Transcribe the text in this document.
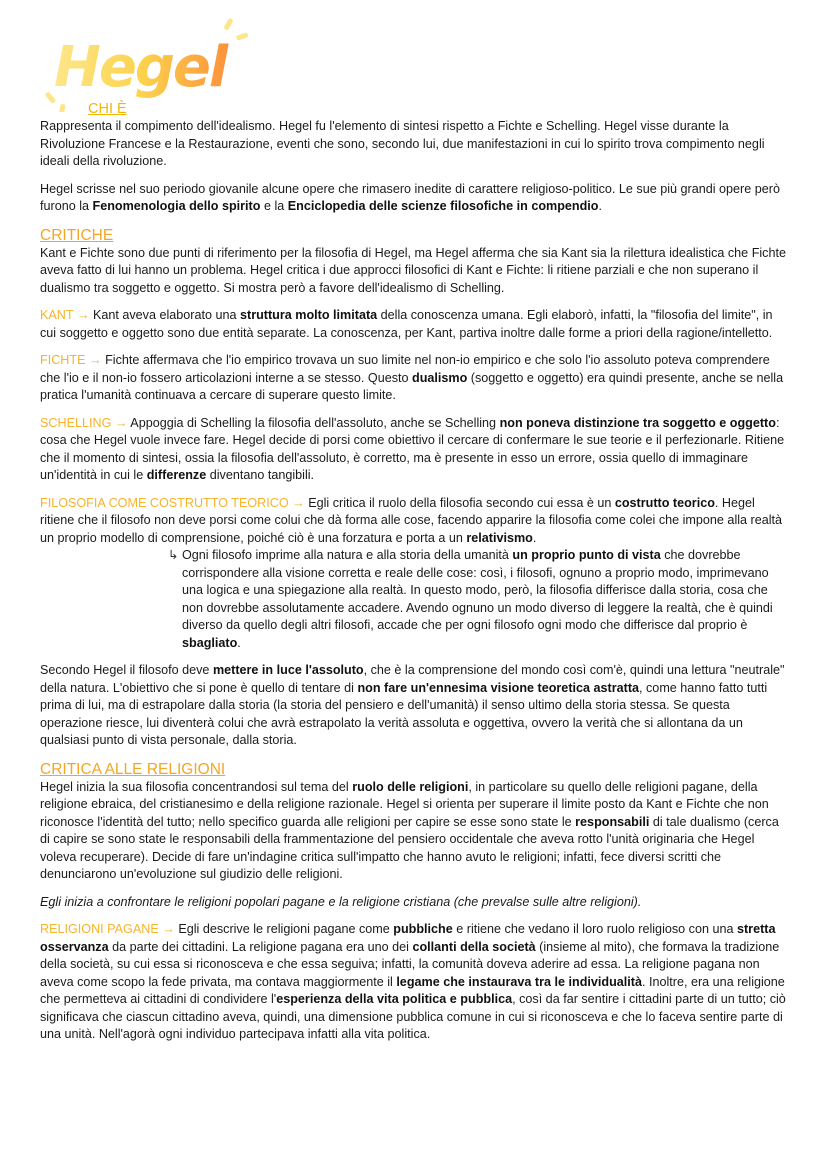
Hegel
CHI È

Rappresenta il compimento dell'idealismo. Hegel fu l'elemento di sintesi rispetto a Fichte e Schelling. Hegel visse durante la Rivoluzione Francese e la Restaurazione, eventi che sono, secondo lui, due manifestazioni in cui lo spirito trova compimento negli ideali della rivoluzione.

Hegel scrisse nel suo periodo giovanile alcune opere che rimasero inedite di carattere religioso-politico. Le sue più grandi opere però furono la Fenomenologia dello spirito e la Enciclopedia delle scienze filosofiche in compendio.

CRITICHE

Kant e Fichte sono due punti di riferimento per la filosofia di Hegel, ma Hegel afferma che sia Kant sia la rilettura idealistica che Fichte aveva fatto di lui hanno un problema. Hegel critica i due approcci filosofici di Kant e Fichte: li ritiene parziali e che non superano il dualismo tra soggetto e oggetto. Si mostra però a favore dell'idealismo di Schelling.

KANT → Kant aveva elaborato una struttura molto limitata della conoscenza umana. Egli elaborò, infatti, la "filosofia del limite", in cui soggetto e oggetto sono due entità separate. La conoscenza, per Kant, partiva inoltre dalle forme a priori della ragione/intelletto.

FICHTE → Fichte affermava che l'io empirico trovava un suo limite nel non-io empirico e che solo l'io assoluto poteva comprendere che l'io e il non-io fossero articolazioni interne a se stesso. Questo dualismo (soggetto e oggetto) era quindi presente, anche se nella pratica l'umanità continuava a cercare di superare questo limite.

SCHELLING → Appoggia di Schelling la filosofia dell'assoluto, anche se Schelling non poneva distinzione tra soggetto e oggetto: cosa che Hegel vuole invece fare. Hegel decide di porsi come obiettivo il cercare di confermare le sue teorie e il perfezionarle. Ritiene che il momento di sintesi, ossia la filosofia dell'assoluto, è corretto, ma è presente in esso un errore, ossia quello di immaginare un'identità in cui le differenze diventano tangibili.

FILOSOFIA COME COSTRUTTO TEORICO → Egli critica il ruolo della filosofia secondo cui essa è un costrutto teorico. Hegel ritiene che il filosofo non deve porsi come colui che dà forma alle cose, facendo apparire la filosofia come colei che impone alla realtà un proprio modello di comprensione, poiché ciò è una forzatura e porta a un relativismo.

↳ Ogni filosofo imprime alla natura e alla storia della umanità un proprio punto di vista che dovrebbe corrispondere alla visione corretta e reale delle cose: così, i filosofi, ognuno a proprio modo, imprimevano una logica e una spiegazione alla realtà. In questo modo, però, la filosofia differisce dalla storia, cosa che non dovrebbe assolutamente accadere. Avendo ognuno un modo diverso di leggere la realtà, che è quindi diverso da quello degli altri filosofi, accade che per ogni filosofo ogni modo che differisce dal proprio è sbagliato.

Secondo Hegel il filosofo deve mettere in luce l'assoluto, che è la comprensione del mondo così com'è, quindi una lettura "neutrale" della natura. L'obiettivo che si pone è quello di tentare di non fare un'ennesima visione teoretica astratta, come hanno fatto tutti prima di lui, ma di estrapolare dalla storia (la storia del pensiero e dell'umanità) il senso ultimo della storia stessa. Se questa operazione riesce, lui diventerà colui che avrà estrapolato la verità assoluta e oggettiva, ovvero la verità che si allontana da un qualsiasi punto di vista personale, dalla storia.

CRITICA ALLE RELIGIONI

Hegel inizia la sua filosofia concentrandosi sul tema del ruolo delle religioni, in particolare su quello delle religioni pagane, della religione ebraica, del cristianesimo e della religione razionale. Hegel si orienta per superare il limite posto da Kant e Fichte che non riconosce l'identità del tutto; nello specifico guarda alle religioni per capire se esse sono state le responsabili di tale dualismo (cerca di capire se sono state le responsabili della frammentazione del pensiero occidentale che aveva rotto l'unità originaria che Hegel voleva recuperare). Decide di fare un'indagine critica sull'impatto che hanno avuto le religioni; infatti, fece diversi scritti che denunciarono un'evoluzione sul giudizio delle religioni.

Egli inizia a confrontare le religioni popolari pagane e la religione cristiana (che prevalse sulle altre religioni).

RELIGIONI PAGANE → Egli descrive le religioni pagane come pubbliche e ritiene che vedano il loro ruolo religioso con una stretta osservanza da parte dei cittadini. La religione pagana era uno dei collanti della società (insieme al mito), che formava la tradizione della società, su cui essa si riconosceva e che essa seguiva; infatti, la comunità doveva aderire ad essa. La religione pagana non aveva come scopo la fede privata, ma contava maggiormente il legame che instaurava tra le individualità. Inoltre, era una religione che permetteva ai cittadini di condividere l'esperienza della vita politica e pubblica, così da far sentire i cittadini parte di un tutto; ciò significava che ciascun cittadino aveva, quindi, una dimensione pubblica comune in cui si riconosceva e che lo faceva sentire parte di una unità. Nell'agorà ogni individuo partecipava infatti alla vita politica.
